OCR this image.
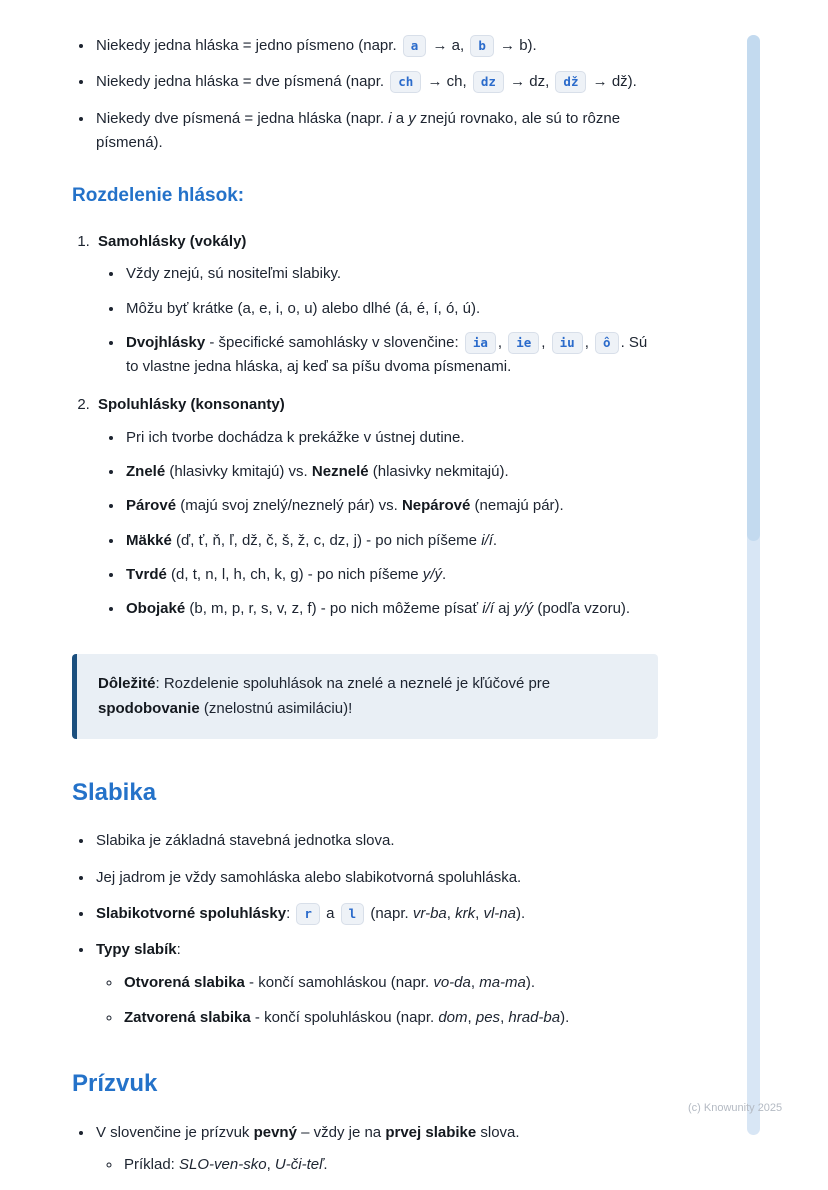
• Niekedy jedna hláska = jedno písmeno (napr. a → a, b → b).
• Niekedy jedna hláska = dve písmená (napr. ch → ch, dz → dz, dž → dž).
• Niekedy dve písmená = jedna hláska (napr. i a y znejú rovnako, ale sú to rôzne písmená).
Rozdelenie hlások:
1. Samohlásky (vokály)
• Vždy znejú, sú nositeľmi slabiky.
• Môžu byť krátke (a, e, i, o, u) alebo dlhé (á, é, í, ó, ú).
• Dvojhlásky - špecifické samohlásky v slovenčine: ia , ie , iu , ô . Sú to vlastne jedna hláska, aj keď sa píšu dvoma písmenami.
2. Spoluhlásky (konsonanty)
• Pri ich tvorbe dochádza k prekážke v ústnej dutine.
• Znelé (hlasivky kmitajú) vs. Neznelé (hlasivky nekmitajú).
• Párové (majú svoj znelý/neznelý pár) vs. Nepárové (nemajú pár).
• Mäkké (ď, ť, ň, ľ, dž, č, š, ž, c, dz, j) - po nich píšeme i/í.
• Tvrdé (d, t, n, l, h, ch, k, g) - po nich píšeme y/ý.
• Obojaké (b, m, p, r, s, v, z, f) - po nich môžeme písať i/í aj y/ý (podľa vzoru).
Dôležité: Rozdelenie spoluhlások na znelé a neznelé je kľúčové pre spodobovanie (znelostnú asimiláciu)!
Slabika
• Slabika je základná stavebná jednotka slova.
• Jej jadrom je vždy samohláska alebo slabikotvorná spoluhláska.
• Slabikotvorné spoluhlásky: r a l (napr. vr-ba, krk, vl-na).
• Typy slabík:
◦ Otvorená slabika - končí samohláskou (napr. vo-da, ma-ma).
◦ Zatvorená slabika - končí spoluhláskou (napr. dom, pes, hrad-ba).
Prízvuk
• V slovenčine je prízvuk pevný – vždy je na prvej slabike slova.
◦ Príklad: SLO-ven-sko, U-či-teľ.
(c) Knowunity 2025
